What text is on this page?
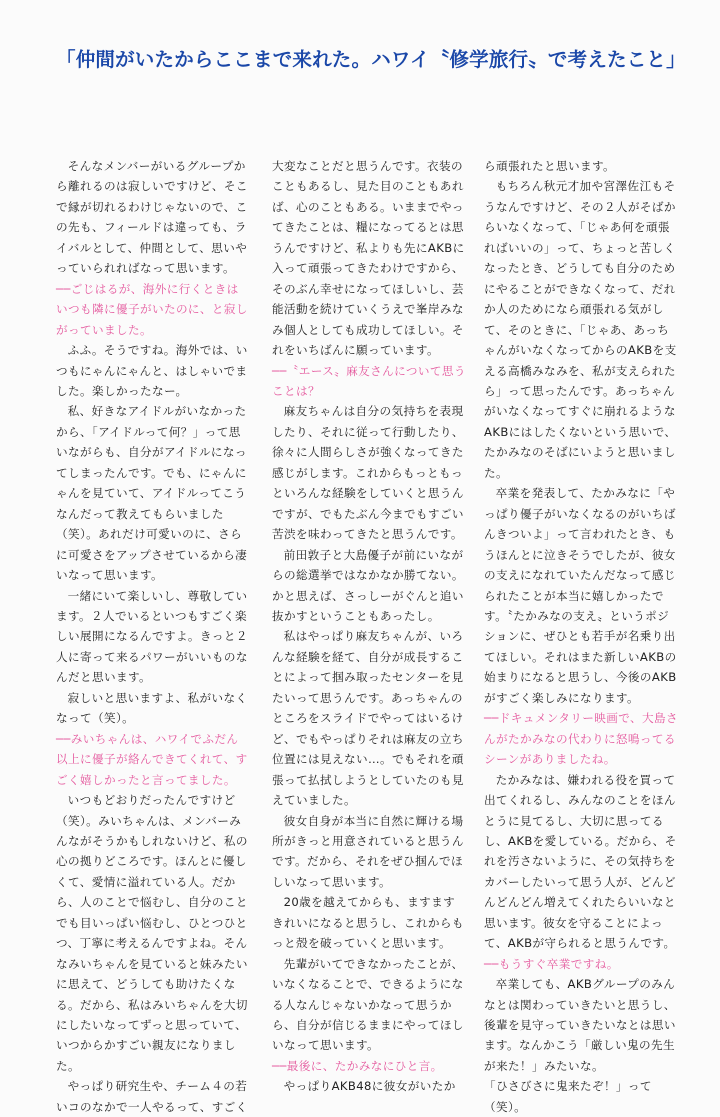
「仲間がいたからここまで来れた。ハワイ〝修学旅行〟で考えたこと」

そんなメンバーがいるグループから離れるのは寂しいですけど、そこで縁が切れるわけじゃないので、この先も、フィールドは違っても、ライバルとして、仲間として、思いやっていられればなって思います。

──ごじはるが、海外に行くときはいつも隣に優子がいたのに、と寂しがっていました。

ふふ。そうですね。海外では、いつもにゃんにゃんと、はしゃいでました。楽しかったなー。

私、好きなアイドルがいなかったから、「アイドルって何？」って思いながらも、自分がアイドルになってしまったんです。でも、にゃんにゃんを見ていて、アイドルってこうなんだって教えてもらいました（笑）。あれだけ可愛いのに、さらに可愛さをアップさせているから凄いなって思います。

一緒にいて楽しいし、尊敬しています。２人でいるといつもすごく楽しい展開になるんですよ。きっと２人に寄って来るパワーがいいものなんだと思います。

寂しいと思いますよ、私がいなくなって（笑）。

──みいちゃんは、ハワイでふだん以上に優子が絡んできてくれて、すごく嬉しかったと言ってました。

いつもどおりだったんですけど（笑）。みいちゃんは、メンバーみんながそうかもしれないけど、私の心の拠りどころです。ほんとに優しくて、愛情に溢れている人。だから、人のことで悩むし、自分のことでも目いっぱい悩むし、ひとつひとつ、丁寧に考えるんですよね。そんなみいちゃんを見ていると妹みたいに思えて、どうしても助けたくなる。だから、私はみいちゃんを大切にしたいなってずっと思っていて、いつからかすごい親友になりました。

やっぱり研究生や、チーム４の若いコのなかで一人やるって、すごく

大変なことだと思うんです。衣装のこともあるし、見た目のこともあれば、心のこともある。いままでやってきたことは、糧になってるとは思うんですけど、私よりも先にAKBに入って頑張ってきたわけですから、そのぶん幸せになってほしいし、芸能活動を続けていくうえで峯岸みなみ個人としても成功してほしい。それをいちばんに願っています。

──〝エース〟麻友さんについて思うことは？

麻友ちゃんは自分の気持ちを表現したり、それに従って行動したり、徐々に人間らしさが強くなってきた感じがします。これからもっともっといろんな経験をしていくと思うんですが、でもたぶん今までもすごい苦渋を味わってきたと思うんです。

前田敦子と大島優子が前にいながらの総選挙ではなかなか勝てない。かと思えば、さっしーがぐんと追い抜かすということもあったし。

私はやっぱり麻友ちゃんが、いろんな経験を経て、自分が成長することによって掴み取ったセンターを見たいって思うんです。あっちゃんのところをスライドでやってはいるけど、でもやっぱりそれは麻友の立ち位置には見えない…。でもそれを頑張って払拭しようとしていたのも見えていました。

彼女自身が本当に自然に輝ける場所がきっと用意されていると思うんです。だから、それをぜひ掴んでほしいなって思います。

20歳を越えてからも、ますますきれいになると思うし、これからもっと殻を破っていくと思います。

先輩がいてできなかったことが、いなくなることで、できるようになる人なんじゃないかなって思うから、自分が信じるままにやってほしいなって思います。

──最後に、たかみなにひと言。

やっぱりAKB48に彼女がいたか

ら頑張れたと思います。

もちろん秋元才加や宮澤佐江もそうなんですけど、その２人がそばからいなくなって、「じゃあ何を頑張ればいいの」って、ちょっと苦しくなったとき、どうしても自分のためにやることができなくなって、だれか人のためになら頑張れる気がして、そのときに、「じゃあ、あっちゃんがいなくなってからのAKBを支える高橋みなみを、私が支えられたら」って思ったんです。あっちゃんがいなくなってすぐに崩れるようなAKBにはしたくないという思いで、たかみなのそばにいようと思いました。

卒業を発表して、たかみなに「やっぱり優子がいなくなるのがいちばんきついよ」って言われたとき、もうほんとに泣きそうでしたが、彼女の支えになれていたんだなって感じられたことが本当に嬉しかったです。〝たかみなの支え〟というポジションに、ぜひとも若手が名乗り出てほしい。それはまた新しいAKBの始まりになると思うし、今後のAKBがすごく楽しみになります。

──ドキュメンタリー映画で、大島さんがたかみなの代わりに怒鳴ってるシーンがありましたね。

たかみなは、嫌われる役を買って出てくれるし、みんなのことをほんとうに見てるし、大切に思ってるし、AKBを愛している。だから、それを汚さないように、その気持ちをカバーしたいって思う人が、どんどんどんどん増えてくれたらいいなと思います。彼女を守ることによって、AKBが守られると思うんです。

──もうすぐ卒業ですね。

卒業しても、AKBグループのみんなとは関わっていきたいと思うし、後輩を見守っていきたいなとは思います。なんかこう「厳しい鬼の先生が来た！」みたいな。

「ひさびさに鬼来たぞ！」って（笑）。
